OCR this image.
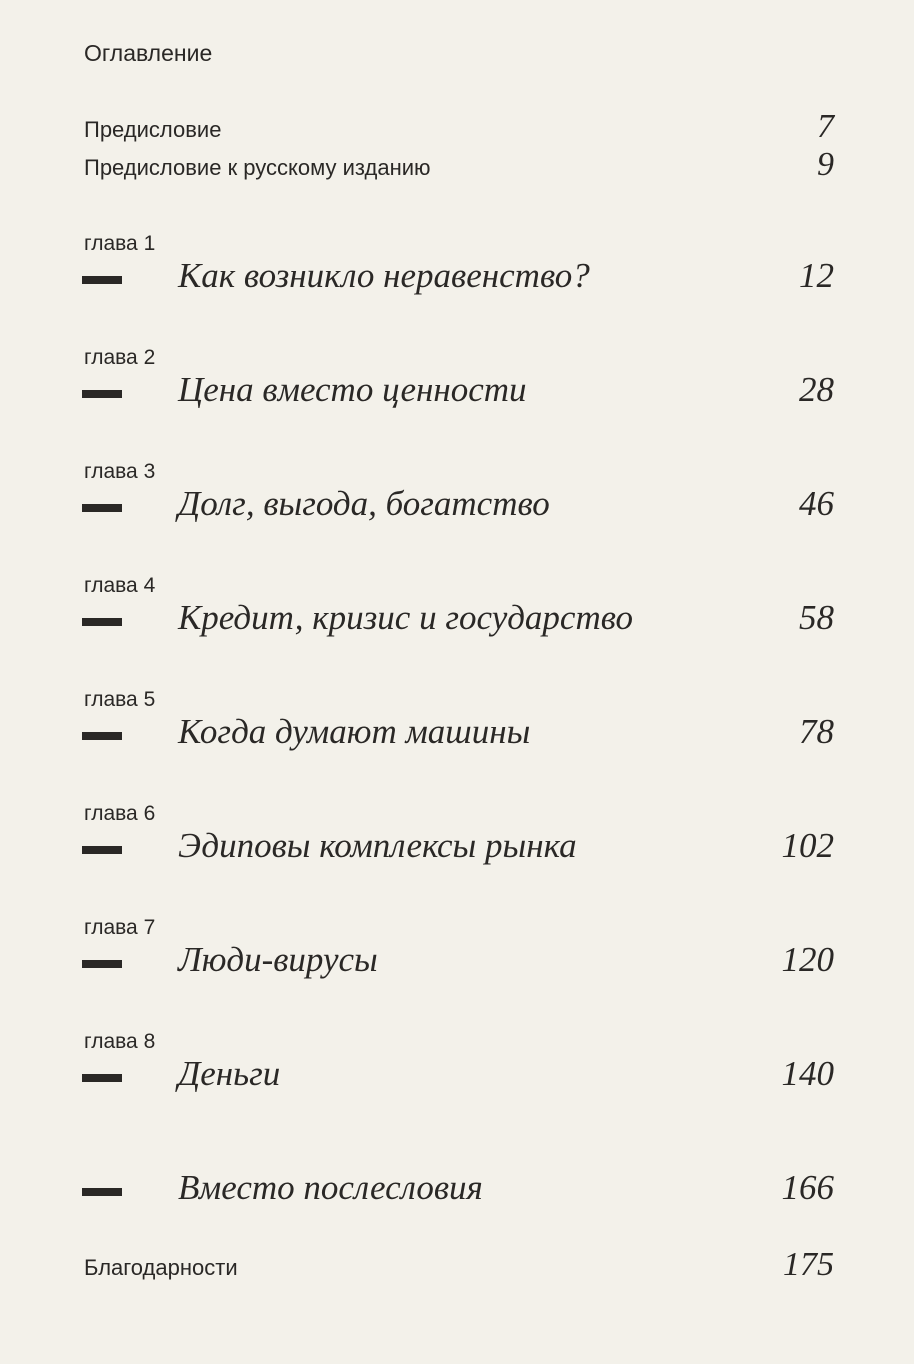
Оглавление
Предисловие	7
Предисловие к русскому изданию	9
глава 1
Как возникло неравенство?	12
глава 2
Цена вместо ценности	28
глава 3
Долг, выгода, богатство	46
глава 4
Кредит, кризис и государство	58
глава 5
Когда думают машины	78
глава 6
Эдиповы комплексы рынка	102
глава 7
Люди-вирусы	120
глава 8
Деньги	140
Вместо послесловия	166
Благодарности	175
